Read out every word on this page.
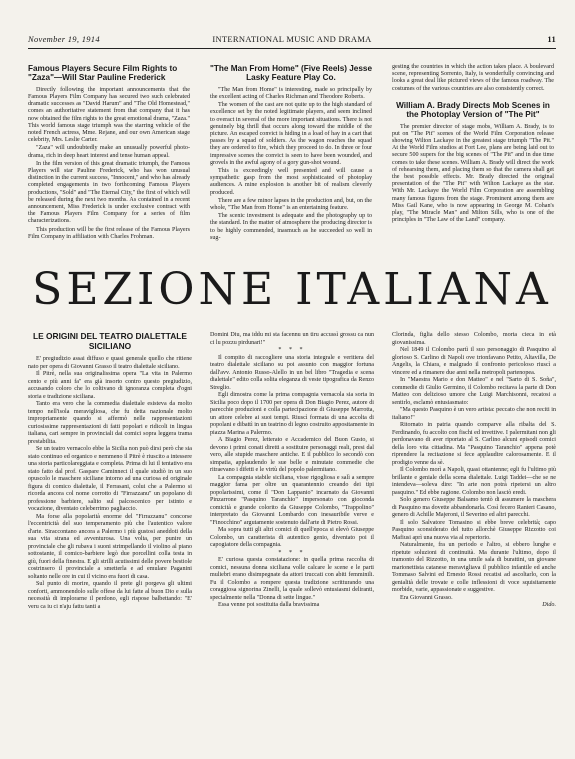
November 19, 1914	INTERNATIONAL MUSIC AND DRAMA	11
Famous Players Secure Film Rights to "Zaza"—Will Star Pauline Frederick

Directly following the important announcements that the Famous Players Film Company has secured two such celebrated dramatic successes as "David Harum" and "The Old Homestead," comes an authoritative statement from that company that it has now obtained the film rights to the great emotional drama, "Zaza." This world famous stage triumph was the starring vehicle of the noted French actress, Mme. Rejane, and our own American stage celebrity, Mrs. Leslie Carter.

"Zaza" will undoubtedly make an unusually powerful photo-drama, rich in deep heart interest and tense human appeal.

In the film version of this great dramatic triumph, the Famous Players will star Pauline Frederick, who has won unusual distinction in the current success, "Innocent," and who has already completed engagements in two forthcoming Famous Players productions, "Sold" and "The Eternal City," the first of which will be released during the next two months. As contained in a recent announcement, Miss Frederick is under exclusive contract with the Famous Players Film Company for a series of film characterizations.

This production will be the first release of the Famous Players Film Company in affiliation with Charles Frohman.

"The Man From Home" (Five Reels) Jesse Lasky Feature Play Co.

"The Man from Home" is interesting, made so principally by the excellent acting of Charles Richman and Theodore Roberts.

The women of the cast are not quite up to the high standard of excellence set by the noted legitimate players, and seem inclined to overact in several of the more important situations. There is not genuinely big thrill that occurs along toward the middle of the picture. An escaped convict is hiding in a load of hay in a cart that passes by a squad of soldiers. As the wagon reaches the squad they are ordered to fire, which they proceed to do. In three or four impressive scenes the convict is seen to have been wounded, and grovels in the awful agony of a gory gun-shot wound.

This is exceedingly well presented and will cause a sympathetic gasp from the most sophisticated of photoplay audiences. A mine explosion is another bit of realism cleverly produced.

There are a few minor lapses in the production and, but, on the whole, "The Man from Home" is an entertaining feature.

The scenic investment is adequate and the photography up to the standard. In the matter of atmosphere the producing director is to be highly commended, inasmuch as he succeeded so well in sug-

gesting the countries in which the action takes place. A boulevard scene, representing Sorrento, Italy, is wonderfully convincing and looks a great deal like pictured views of the famous roadway. The costumes of the various countries are also consistently correct.

William A. Brady Directs Mob Scenes in the Photoplay Version of "The Pit"

The premier director of stage mobs, William A. Brady, is to put on "The Pit" scenes of the World Film Corporation release showing Wilton Lackaye in the greatest stage triumph "The Pit." At the World Film studios at Fort Lee, plans are being laid out to secure 500 supers for the big scenes of "The Pit" and in due time comes to take these scenes. William A. Brady will direct the work of rehearsing them, and placing them so that the camera shall get the best possible effects. Mr. Brady directed the original presentation of the "The Pit" with Wilton Lackaye as the star. With Mr. Lackaye the World Film Corporation are assembling many famous figures from the stage. Prominent among them are Miss Gail Kane, who is now appearing in George M. Cohan's play, "The Miracle Man" and Milton Sills, who is one of the principles in "The Law of the Land" company.

SEZIONE ITALIANA
LE ORIGINI DEL TEATRO DIALETTALE SICILIANO

E' pregiudizio assai diffuso e quasi generale quello che ritiene nato per opera di Giovanni Grasso il teatro dialettale siciliano.

Il Pitrè, nella sua originalissima opera "La vita in Palermo cento e più anni fa" era già insorto contro questo pregiudizio, accusando coloro che lo coltivano di ignoranza completa d'ogni storia e tradizione siciliana.

Tanto era vero che la commedia dialettale esisteva da molto tempo nell'isola meravigliosa, che fu detta nazionale molto impropriamente quando si affermò nelle rappresentazioni curiosissime rappresentazioni di fatti popolari e ridicoli in lingua italiana, cari sempre in provinciali dai comici sopra leggera trama prestabilita.

Se un teatro vernacolo ebbe la Sicilia non può dirsi però che sia stato continuo ed organico e nemmeno il Pitrè è riuscito a intessere una storia particolareggiata e completa. Prima di lui il tentativo era stato fatto dal prof. Gaspare Caminneci il quale studiò in un suo opuscolo le maschere siciliane intorno ad una curiosa ed originale figura di comico dialettale, il Ferrasani, colui che a Palermo si ricorda ancora col nome corrotto di "Firrazzanu" un popolano di professione barbiere, salito sul palcoscenico per istinto e vocazione, diventato celeberrimo pagliaccio.

Ma forse alla popolarità enorme del "Firrazzanu" concorse l'eccentricità del suo temperamento più che l'autentico valore d'arte. Siraccontano ancora a Palermo i più gustosi aneddoti della sua vita strana ed avventurosa. Una volta, per punire un provinciale che gli rubava i suoni strimpellando il violino al piano sottostante, il comico-barbiere legò due porcellini colla testa in giù, fuori della finestra. E gli strilli acutissimi delle povere bestiole costrinsero il provinciale a smetterla e ad emulare Paganini soltanto nelle ore in cui il vicino era fuori di casa.

Sul punto di morire, quando il prete gli porgeva gli ultimi conforti, ammonendolo sulle offese da lui fatte al buon Dio e sulla necessità di implorarne il perdono, egli rispose balbettando: "E' veru ca iu ci n'aju fattu tanti a

Domini Diu, ma iddu mi sta facennu un tiru accussì grossu ca nun ci lu pozzu pirdunari!"

* * *

Il compito di raccogliere una storia integrale e veritiera del teatro dialettale siciliano su poi assunto con maggior fortuna dall'avv. Antonio Russo-Alello in un bel libro "Tragedia e scena dialettale" edito colla solita eleganza di veste tipografica da Renzo Streglio.

Egli dimostra come la prima compagnia vernacola sia sorta in Sicilia poco dopo il 1700 per opera di Don Biagio Perez, autore di parecchie produzioni e colla partecipazione di Giuseppe Marrotta, un attore celebre ai suoi tempi. Riuscì formata di una accolta di popolani e dibattì in un teatrino di legno costruito appositamente in piazza Marina a Palermo.

A Biagio Perez, letterato e Accademico del Buon Gusto, si devono i primi conati diretti a sostituire personaggi reali, presi dal vero, alle stupide maschere antiche. E il pubblico lo secondò con simpatia, applaudendo le sue belle e minutate commedie che ritraevano i difetti e le virtù del popolo palermitano.

La compagnia stabile siciliana, visse rigogliosa e salì a sempre maggior fama per oltre un quarantennio creando dei tipi popolarissimi, come il "Don Lappanio" incarnato da Giovanni Pinzarrone "Pasquino Taranchio" impersonato con gioconda comicità e grande colorito da Giuseppe Colombo, "Trappolino" interpretato da Giovanni Lombardo con inesauribile verve e "Finocchino" argutamente sostenuto dall'arte di Pietro Rossi.

Ma sopra tutti gli altri comici di quell'epoca si elevò Giuseppe Colombo, un caratterista di autentico genio, diventato poi il capogiatore della compagnia.

* * *

E' curiosa questa constatazione: in quella prima raccolta di comici, nessuna donna siciliana volle calcare le scene e le parti muliebri erano disimpegnate da attori truccati con abiti femminili. Fu il Colombo a rompere questa tradizione scritturando una coraggiosa signorina Zinelli, la quale sollevò entusiasmi deliranti, specialmente nella "Donna di sette lingue."

Essa venne poi sostituita dalla bravissima

Clorinda, figlia dello stesso Colombo, morta cieca in età giovanissima.

Nel 1849 il Colombo partì il suo personaggio di Pasquino al glorioso S. Carlino di Napoli ove trionfavano Petito, Altavilla, De Angelis, la Chiara, e malgrado il confronto pericoloso riuscì a vincere ed a rimanere due anni nella metropoli partenopea.

In "Maestra Mario e don Matteo" e nel "Sarto di S. Soña", commedie di Giulio Germino, il Colombo recitava la parte di Don Matteo con delizioso umore che Luigi Marchisonni, recatosi a sentirlo, esclamò entusiasmato:

"Ma questo Pasquino è un vero artista: peccato che non reciti in italiano!"

Ritornato in patria quando comparve alla ribalta del S. Ferdinando, fu accolto con fischi ed invettive. I palermitani non gli perdonavano di aver riportato al S. Carlino alcuni episodi comici della loro vita cittadina. Ma "Pasquino Taranchio" appena potè riprendere la recitazione si fece applaudire calorosamente. E il prodigio venne da sè.

Il Colombo morì a Napoli, quasi ottantenne; egli fu l'ultimo più brillante e geniale della scena dialettale. Luigi Taddei—che se ne intendeva—soleva dire: "In arte non potrà ripetersi un altro pasquino." Ed ebbe ragione. Colombo non lasciò eredi.

Solo genero Giuseppe Balsamo tentò di assumere la maschera di Pasquino ma dovette abbandonarla. Così fecero Ranieri Casano, genero di Achille Majeroni, il Severino ed altri parecchi.

Il solo Salvatore Tomasino si ebbe breve celebrità; capo Pasquino sconsiderato del tutto allorchè Giuseppe Rizzotto coi Mafiusi aprì una nuova via al repertorio.

Naturalmente, fra un periodo e l'altro, si ebbero lunghe e ripetute soluzioni di continuità. Ma durante l'ultimo, dopo il tramonto del Rizzotto, in una umile sala di burattini, un giovane marionettista catanese meravigliava il pubblico infantile ed anche Tommaso Salvini ed Ernesto Rossi recatisi ad ascoltarlo, con la genialità delle trovate e colle inflessioni di voce squisitamente morbide, varie, appassionate e suggestive.

Era Giovanni Grasso.

Dido.
